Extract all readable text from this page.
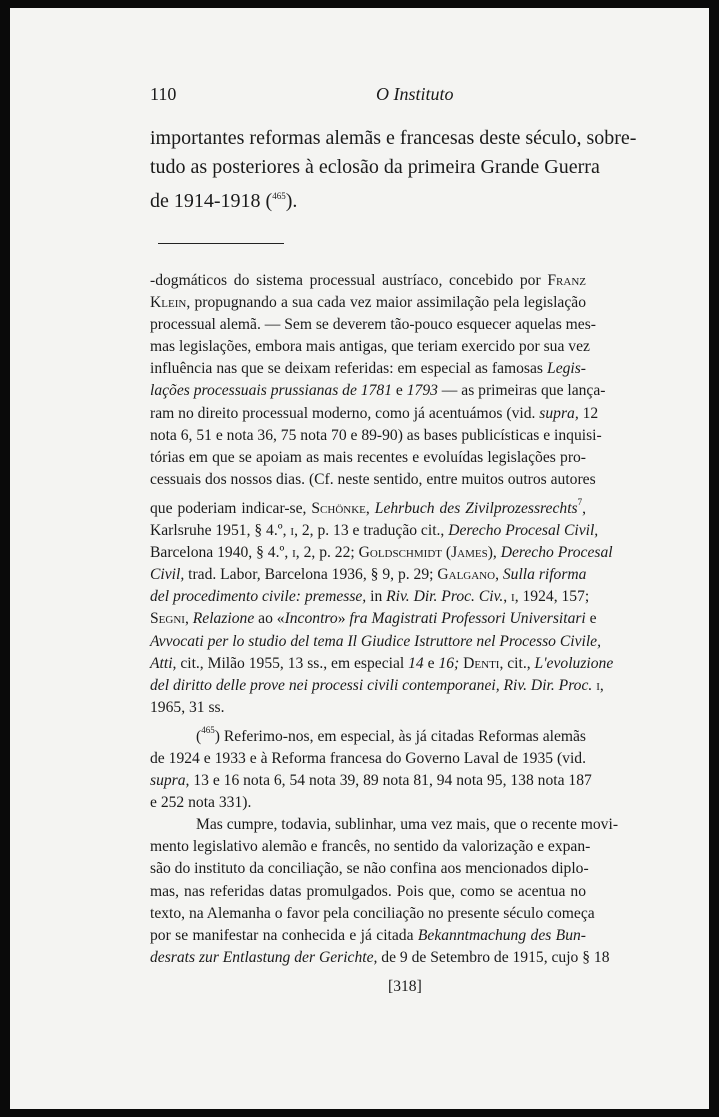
110	O Instituto
importantes reformas alemãs e francesas deste século, sobre-
tudo as posteriores à eclosão da primeira Grande Guerra
de 1914-1918 ($^{465}$).
-dogmáticos do sistema processual austríaco, concebido por Franz
Klein, propugnando a sua cada vez maior assimilação pela legislação
processual alemã. — Sem se deverem tão-pouco esquecer aquelas mes-
mas legislações, embora mais antigas, que teriam exercido por sua vez
influência nas que se deixam referidas: em especial as famosas Legis-
lações processuais prussianas de 1781 e 1793 — as primeiras que lança-
ram no direito processual moderno, como já acentuámos (vid. supra, 12
nota 6, 51 e nota 36, 75 nota 70 e 89-90) as bases publicísticas e inquisi-
tórias em que se apoiam as mais recentes e evoluídas legislações pro-
cessuais dos nossos dias. (Cf. neste sentido, entre muitos outros autores
que poderiam indicar-se, Schönke, Lehrbuch des Zivilprozessrechts$^7$,
Karlsruhe 1951, § 4.º, i, 2, p. 13 e tradução cit., Derecho Procesal Civil,
Barcelona 1940, § 4.º, i, 2, p. 22; Goldschmidt (James), Derecho Procesal
Civil, trad. Labor, Barcelona 1936, § 9, p. 29; Galgano, Sulla riforma
del procedimento civile: premesse, in Riv. Dir. Proc. Civ., i, 1924, 157;
Segni, Relazione ao «Incontro» fra Magistrati Professori Universitari e
Avvocati per lo studio del tema Il Giudice Istruttore nel Processo Civile,
Atti, cit., Milão 1955, 13 ss., em especial 14 e 16; Denti, cit., L'evoluzione
del diritto delle prove nei processi civili contemporanei, Riv. Dir. Proc. i,
1965, 31 ss.
($^{465}$) Referimo-nos, em especial, às já citadas Reformas alemãs
de 1924 e 1933 e à Reforma francesa do Governo Laval de 1935 (vid.
supra, 13 e 16 nota 6, 54 nota 39, 89 nota 81, 94 nota 95, 138 nota 187
e 252 nota 331).
Mas cumpre, todavia, sublinhar, uma vez mais, que o recente movi-
mento legislativo alemão e francês, no sentido da valorização e expan-
são do instituto da conciliação, se não confina aos mencionados diplo-
mas, nas referidas datas promulgados. Pois que, como se acentua no
texto, na Alemanha o favor pela conciliação no presente século começa
por se manifestar na conhecida e já citada Bekanntmachung des Bun-
desrats zur Entlastung der Gerichte, de 9 de Setembro de 1915, cujo § 18
[318]
